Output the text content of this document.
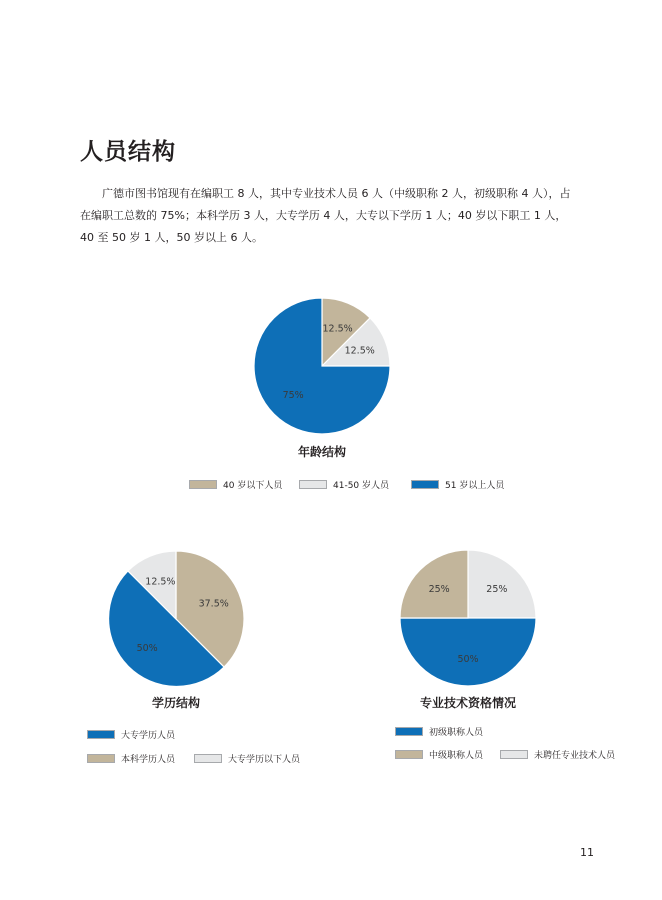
人员结构
广德市图书馆现有在编职工 8 人，其中专业技术人员 6 人（中级职称 2 人，初级职称 4 人），占在编职工总数的 75%；本科学历 3 人，大专学历 4 人，大专以下学历 1 人；40 岁以下职工 1 人，40 至 50 岁 1 人，50 岁以上 6 人。
12.5%
12.5%
75%
年龄结构
40 岁以下人员	41-50 岁人员	51 岁以上人员
37.5%
50%
12.5%
学历结构
大专学历人员
本科学历人员	大专学历以下人员
25%
50%
25%
专业技术资格情况
初级职称人员
中级职称人员	未聘任专业技术人员
11
